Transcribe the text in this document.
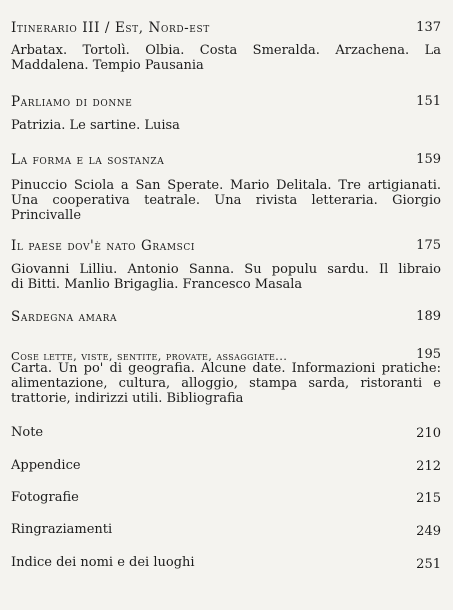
Itinerario III / Est, Nord-est	137
Arbatax. Tortolì. Olbia. Costa Smeralda. Arzachena. La
Maddalena. Tempio Pausania
Parliamo di donne	151
Patrizia. Le sartine. Luisa
La forma e la sostanza	159
Pinuccio Sciola a San Sperate. Mario Delitala. Tre artigianati.
Una cooperativa teatrale. Una rivista letteraria. Giorgio
Princivalle
Il paese dov'è nato Gramsci	175
Giovanni Lilliu. Antonio Sanna. Su populu sardu. Il libraio
di Bitti. Manlio Brigaglia. Francesco Masala
Sardegna amara	189
Cose lette, viste, sentite, provate, assaggiate...	195
Carta. Un po' di geografia. Alcune date. Informazioni pratiche:
alimentazione, cultura, alloggio, stampa sarda, ristoranti e
trattorie, indirizzi utili. Bibliografia
Note	210
Appendice	212
Fotografie	215
Ringraziamenti	249
Indice dei nomi e dei luoghi	251
